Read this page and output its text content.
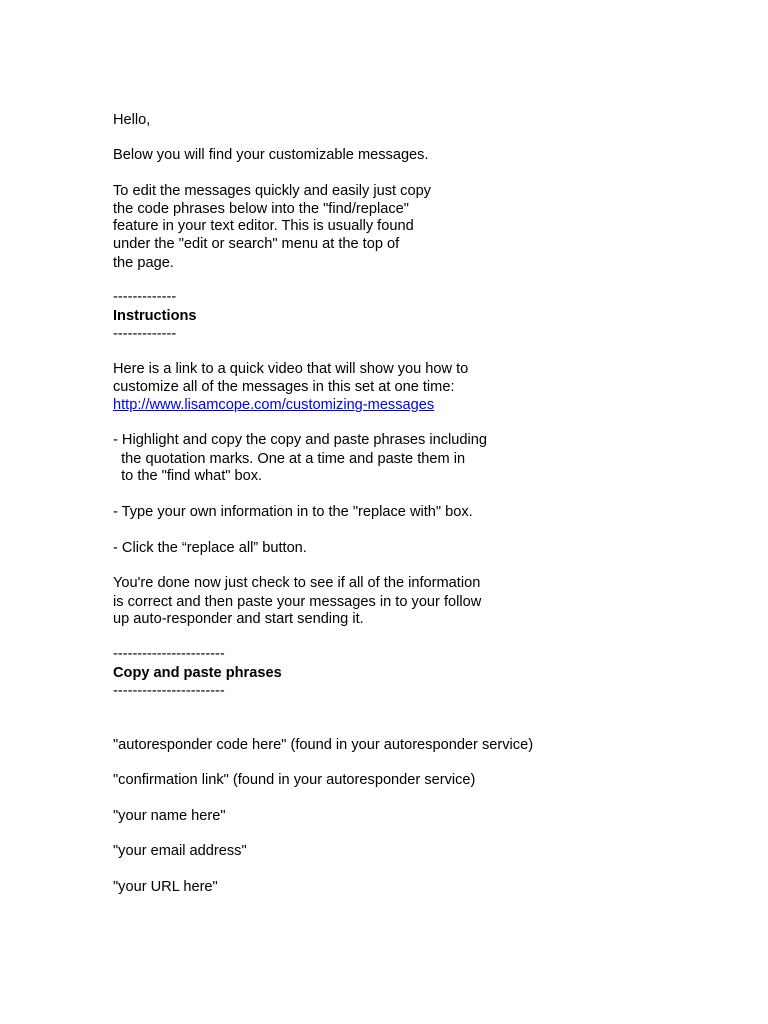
Hello,

Below you will find your customizable messages.

To edit the messages quickly and easily just copy

the code phrases below into the "find/replace"

feature in your text editor. This is usually found

under the "edit or search" menu at the top of

the page.

-------------

Instructions

-------------

Here is a link to a quick video that will show you how to

customize all of the messages in this set at one time:

http://www.lisamcope.com/customizing-messages

- Highlight and copy the copy and paste phrases including

the quotation marks. One at a time and paste them in

to the "find what" box.

- Type your own information in to the "replace with" box.

- Click the “replace all” button.

You're done now just check to see if all of the information

is correct and then paste your messages in to your follow

up auto-responder and start sending it.

-----------------------

Copy and paste phrases

-----------------------

"autoresponder code here" (found in your autoresponder service)

"confirmation link" (found in your autoresponder service)

"your name here"

"your email address"

"your URL here"
